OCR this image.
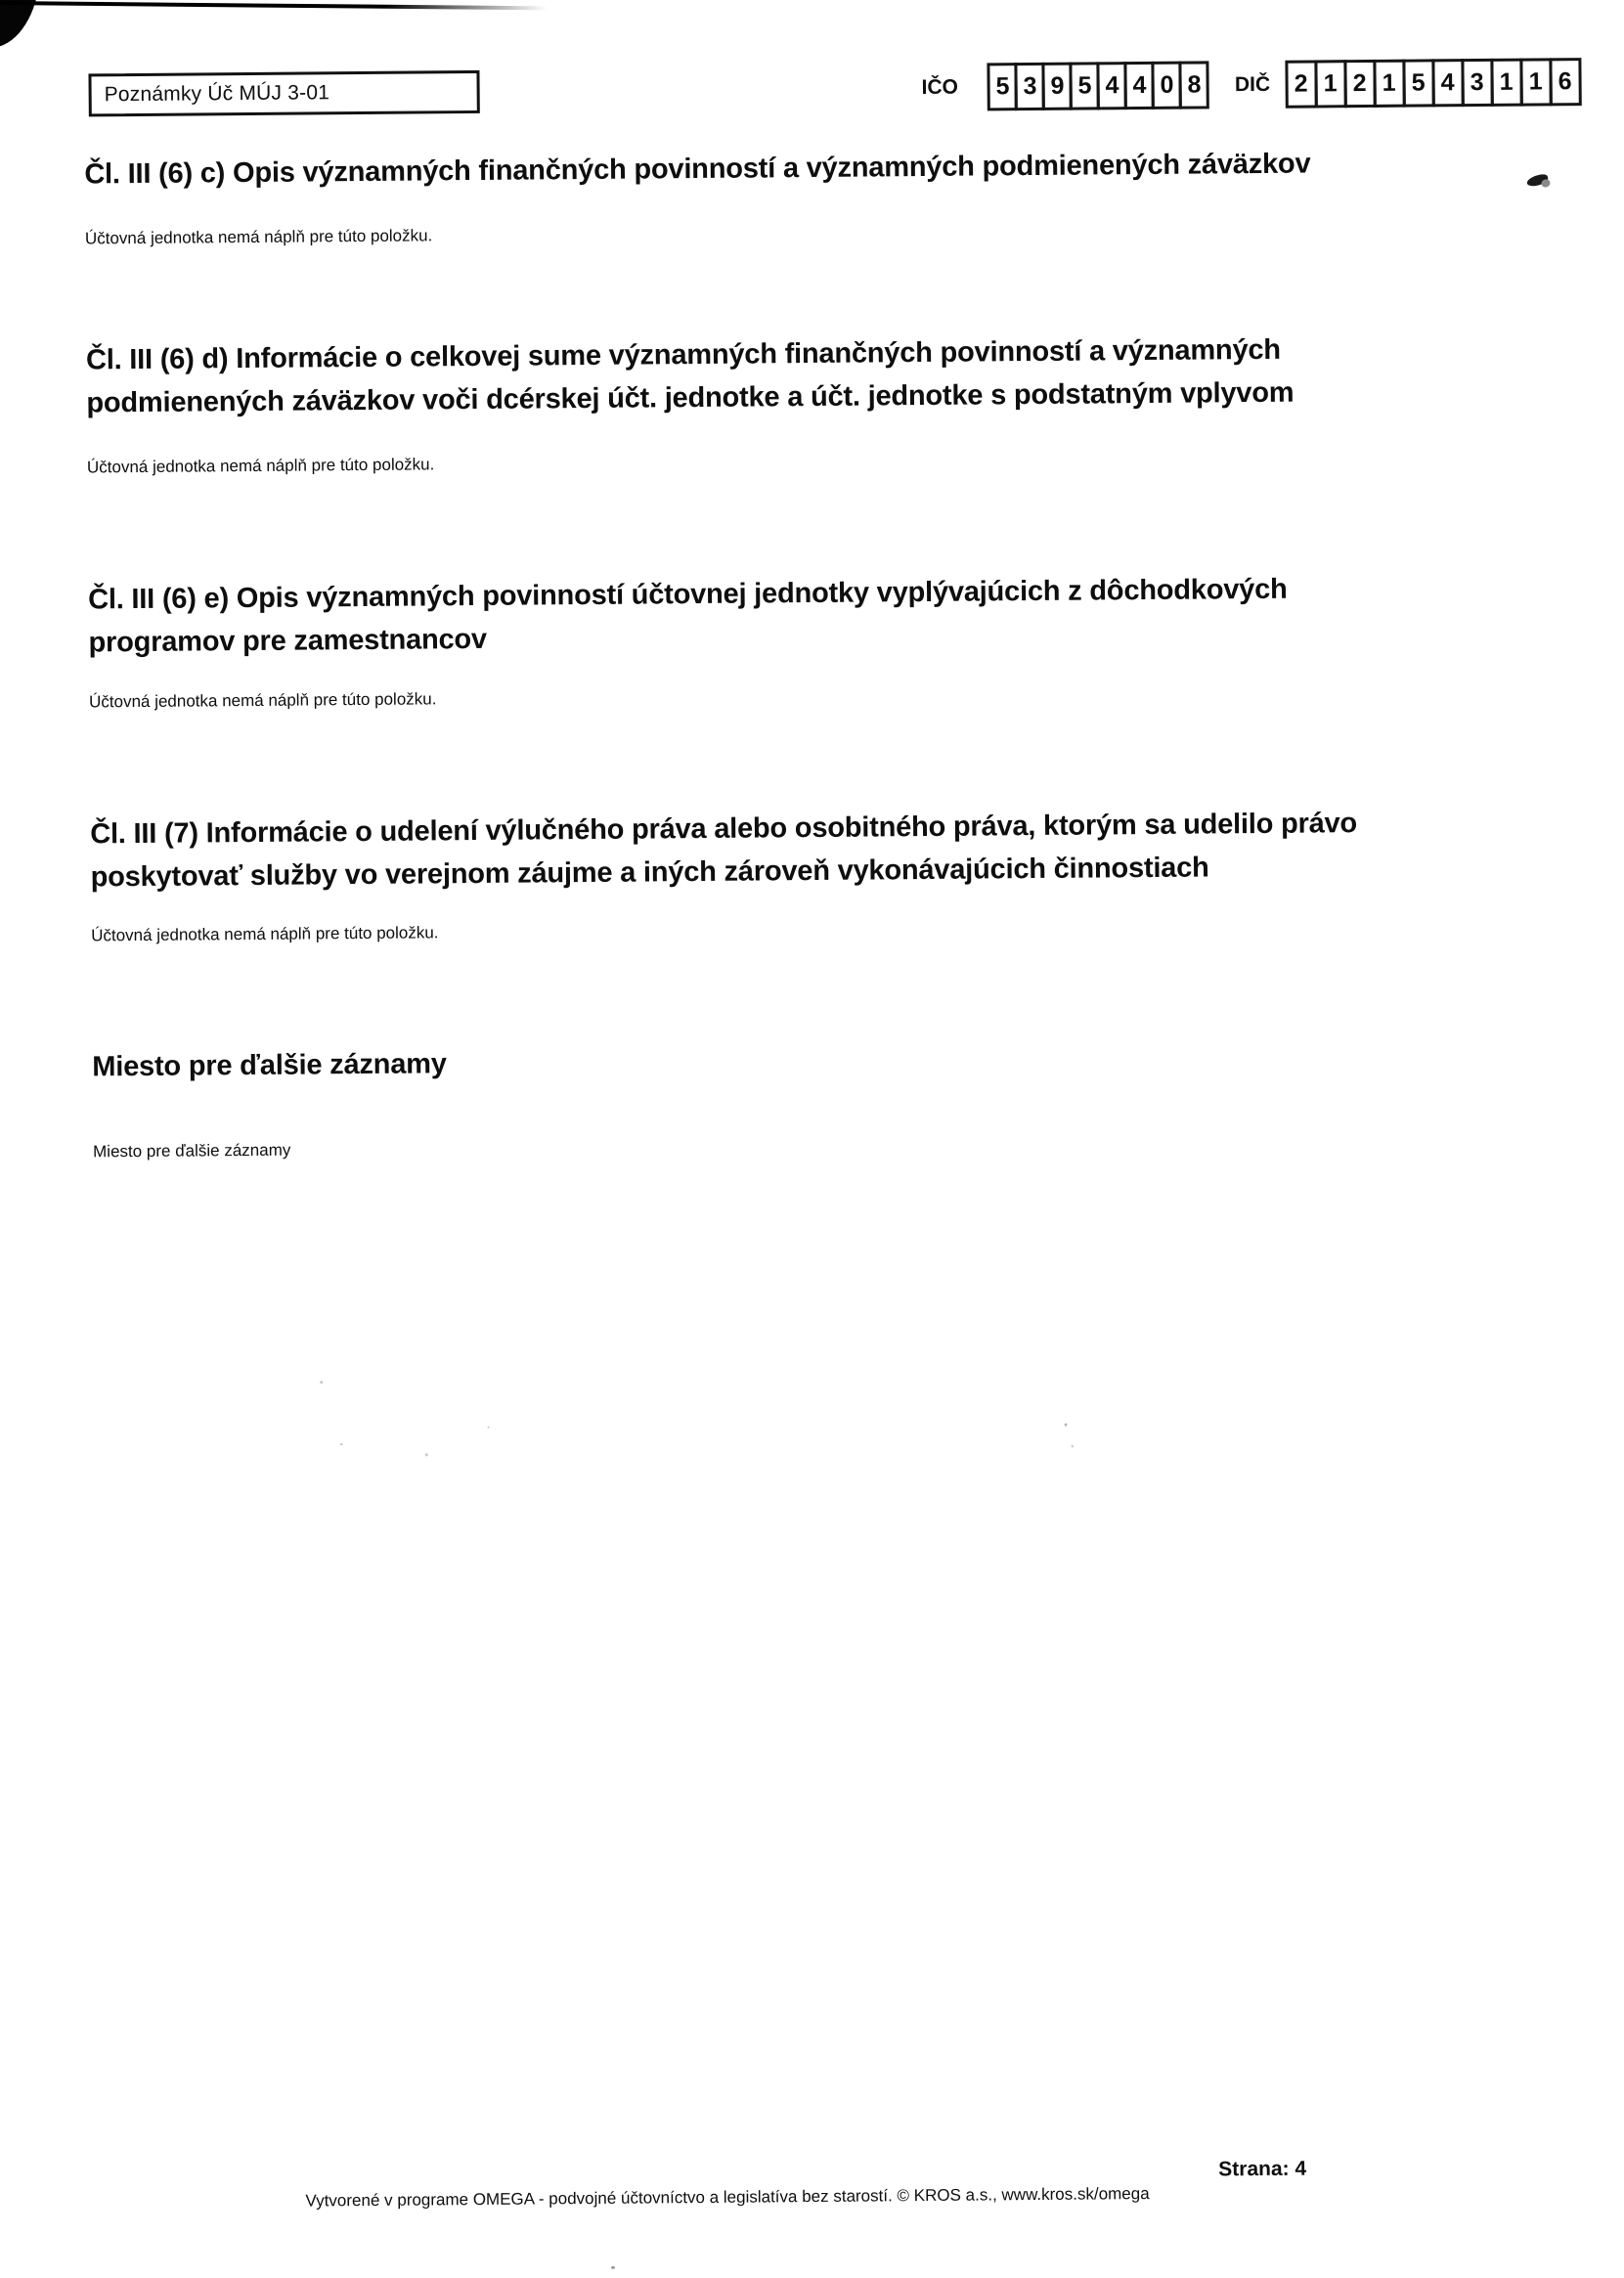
Poznámky Úč MÚJ 3-01	IČO	5 3 9 5 4 4 0 8	DIČ 2 1 2 1 5 4 3 1 1 6
Čl. III (6) c) Opis významných finančných povinností a významných podmienených záväzkov
Účtovná jednotka nemá náplň pre túto položku.
Čl. III (6) d) Informácie o celkovej sume významných finančných povinností a významných
podmienených záväzkov voči dcérskej účt. jednotke a účt. jednotke s podstatným vplyvom
Účtovná jednotka nemá náplň pre túto položku.
Čl. III (6) e) Opis významných povinností účtovnej jednotky vyplývajúcich z dôchodkových
programov pre zamestnancov
Účtovná jednotka nemá náplň pre túto položku.
Čl. III (7) Informácie o udelení výlučného práva alebo osobitného práva, ktorým sa udelilo právo
poskytovať služby vo verejnom záujme a iných zároveň vykonávajúcich činnostiach
Účtovná jednotka nemá náplň pre túto položku.
Miesto pre ďalšie záznamy
Miesto pre ďalšie záznamy
Vytvorené v programe OMEGA - podvojné účtovníctvo a legislatíva bez starostí. © KROS a.s., www.kros.sk/omega
Strana: 4
